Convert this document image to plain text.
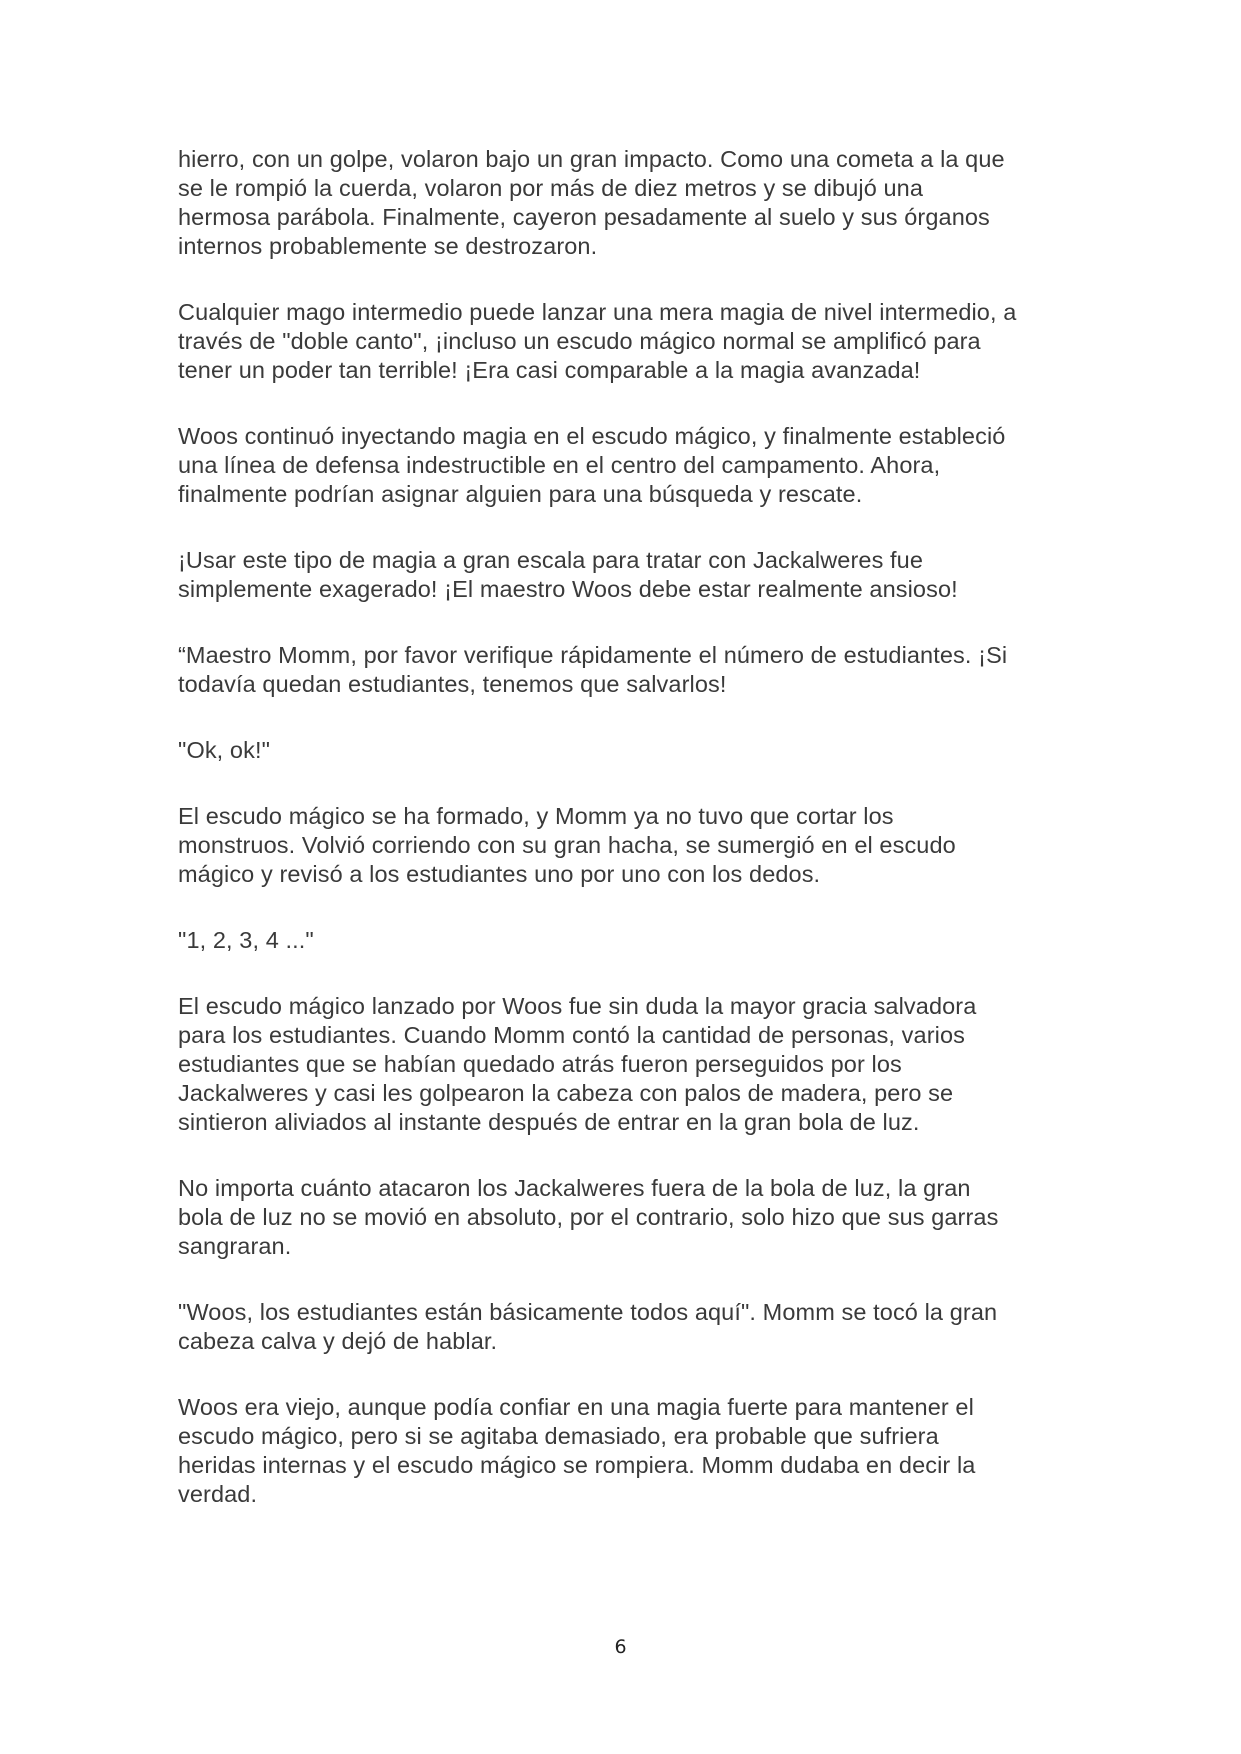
hierro, con un golpe, volaron bajo un gran impacto. Como una cometa a la que
se le rompió la cuerda, volaron por más de diez metros y se dibujó una
hermosa parábola. Finalmente, cayeron pesadamente al suelo y sus órganos
internos probablemente se destrozaron.

Cualquier mago intermedio puede lanzar una mera magia de nivel intermedio, a
través de "doble canto", ¡incluso un escudo mágico normal se amplificó para
tener un poder tan terrible! ¡Era casi comparable a la magia avanzada!

Woos continuó inyectando magia en el escudo mágico, y finalmente estableció
una línea de defensa indestructible en el centro del campamento. Ahora,
finalmente podrían asignar alguien para una búsqueda y rescate.

¡Usar este tipo de magia a gran escala para tratar con Jackalweres fue
simplemente exagerado! ¡El maestro Woos debe estar realmente ansioso!

“Maestro Momm, por favor verifique rápidamente el número de estudiantes. ¡Si
todavía quedan estudiantes, tenemos que salvarlos!

"Ok, ok!"

El escudo mágico se ha formado, y Momm ya no tuvo que cortar los
monstruos. Volvió corriendo con su gran hacha, se sumergió en el escudo
mágico y revisó a los estudiantes uno por uno con los dedos.

"1, 2, 3, 4 ..."

El escudo mágico lanzado por Woos fue sin duda la mayor gracia salvadora
para los estudiantes. Cuando Momm contó la cantidad de personas, varios
estudiantes que se habían quedado atrás fueron perseguidos por los
Jackalweres y casi les golpearon la cabeza con palos de madera, pero se
sintieron aliviados al instante después de entrar en la gran bola de luz.

No importa cuánto atacaron los Jackalweres fuera de la bola de luz, la gran
bola de luz no se movió en absoluto, por el contrario, solo hizo que sus garras
sangraran.

"Woos, los estudiantes están básicamente todos aquí". Momm se tocó la gran
cabeza calva y dejó de hablar.

Woos era viejo, aunque podía confiar en una magia fuerte para mantener el
escudo mágico, pero si se agitaba demasiado, era probable que sufriera
heridas internas y el escudo mágico se rompiera. Momm dudaba en decir la
verdad.

6
